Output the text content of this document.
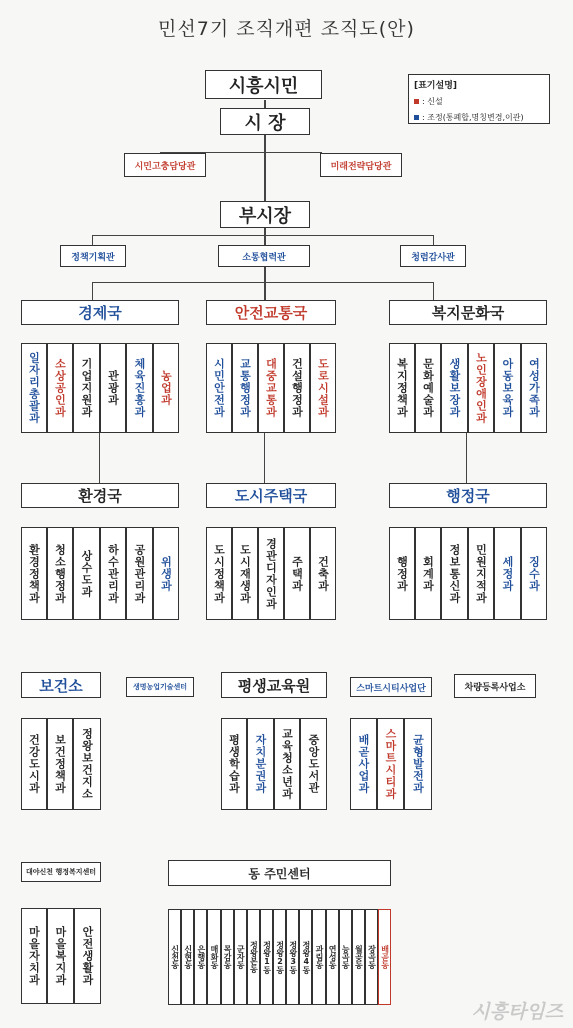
민선7기 조직개편 조직도(안)
[표기설명]
: 신설
: 조정(통폐합,명칭변경,이관)
시흥시민
시 장
시민고충담당관	미래전략담당관
부시장
정책기획관	소통협력관	청렴감사관
경제국	안전교통국	복지문화국
일자리총괄과 소상공인과 기업지원과 관광과 체육진흥과 농업과	시민안전과 교통행정과 대중교통과 건설행정과 도로시설과	복지정책과 문화예술과 생활보장과 노인장애인과 아동보육과 여성가족과
환경국	도시주택국	행정국
환경정책과 청소행정과 상수도과 하수관리과 공원관리과 위생과	도시정책과 도시재생과 경관디자인과 주택과 건축과	행정과 회계과 정보통신과 민원지적과 세정과 징수과
보건소	생명농업기술센터	평생교육원	스마트시티사업단	차량등록사업소
건강도시과 보건정책과 정왕보건지소	평생학습과 자치분권과 교육청소년과 중앙도서관	배곧사업과 스마트시티과 균형발전과
대야신천 행정복지센터
마을자치과 마을복지과 안전생활과
동 주민센터
신천동 신현동 은행동 매화동 목감동 군자동 정왕본동 정왕1동 정왕2동 정왕3동 정왕4동 과림동 연성동 능곡동 월곶동 장곡동 배곧동
시흥타임즈
